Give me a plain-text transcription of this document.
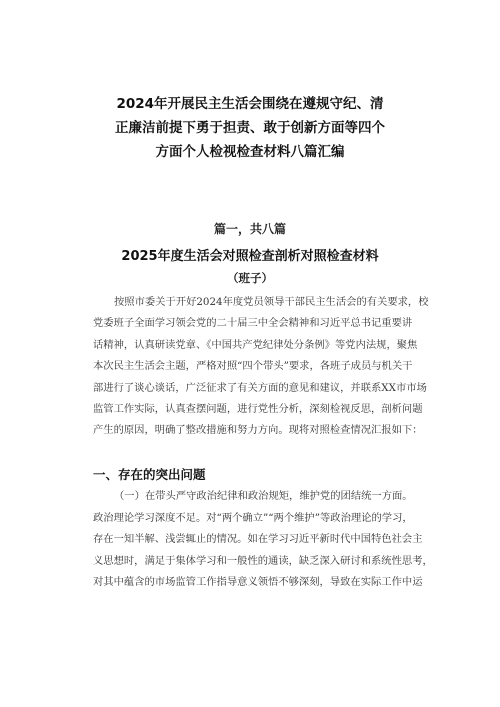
2024年开展民主生活会围绕在遵规守纪、清
正廉洁前提下勇于担责、敢于创新方面等四个
方面个人检视检查材料八篇汇编
篇一，共八篇
2025年度生活会对照检查剖析对照检查材料
（班子）
按照市委关于开好2024年度党员领导干部民主生活会的有关要求，校
党委班子全面学习领会党的二十届三中全会精神和习近平总书记重要讲
话精神，认真研读党章、《中国共产党纪律处分条例》等党内法规，聚焦
本次民主生活会主题，严格对照“四个带头”要求，各班子成员与机关干
部进行了谈心谈话，广泛征求了有关方面的意见和建议，并联系XX市市场
监管工作实际，认真查摆问题，进行党性分析，深刻检视反思，剖析问题
产生的原因，明确了整改措施和努力方向。现将对照检查情况汇报如下：
一、存在的突出问题
（一）在带头严守政治纪律和政治规矩，维护党的团结统一方面。
政治理论学习深度不足。对“两个确立”“两个维护”等政治理论的学习，
存在一知半解、浅尝辄止的情况。如在学习习近平新时代中国特色社会主
义思想时，满足于集体学习和一般性的通读，缺乏深入研讨和系统性思考，
对其中蕴含的市场监管工作指导意义领悟不够深刻，导致在实际工作中运
